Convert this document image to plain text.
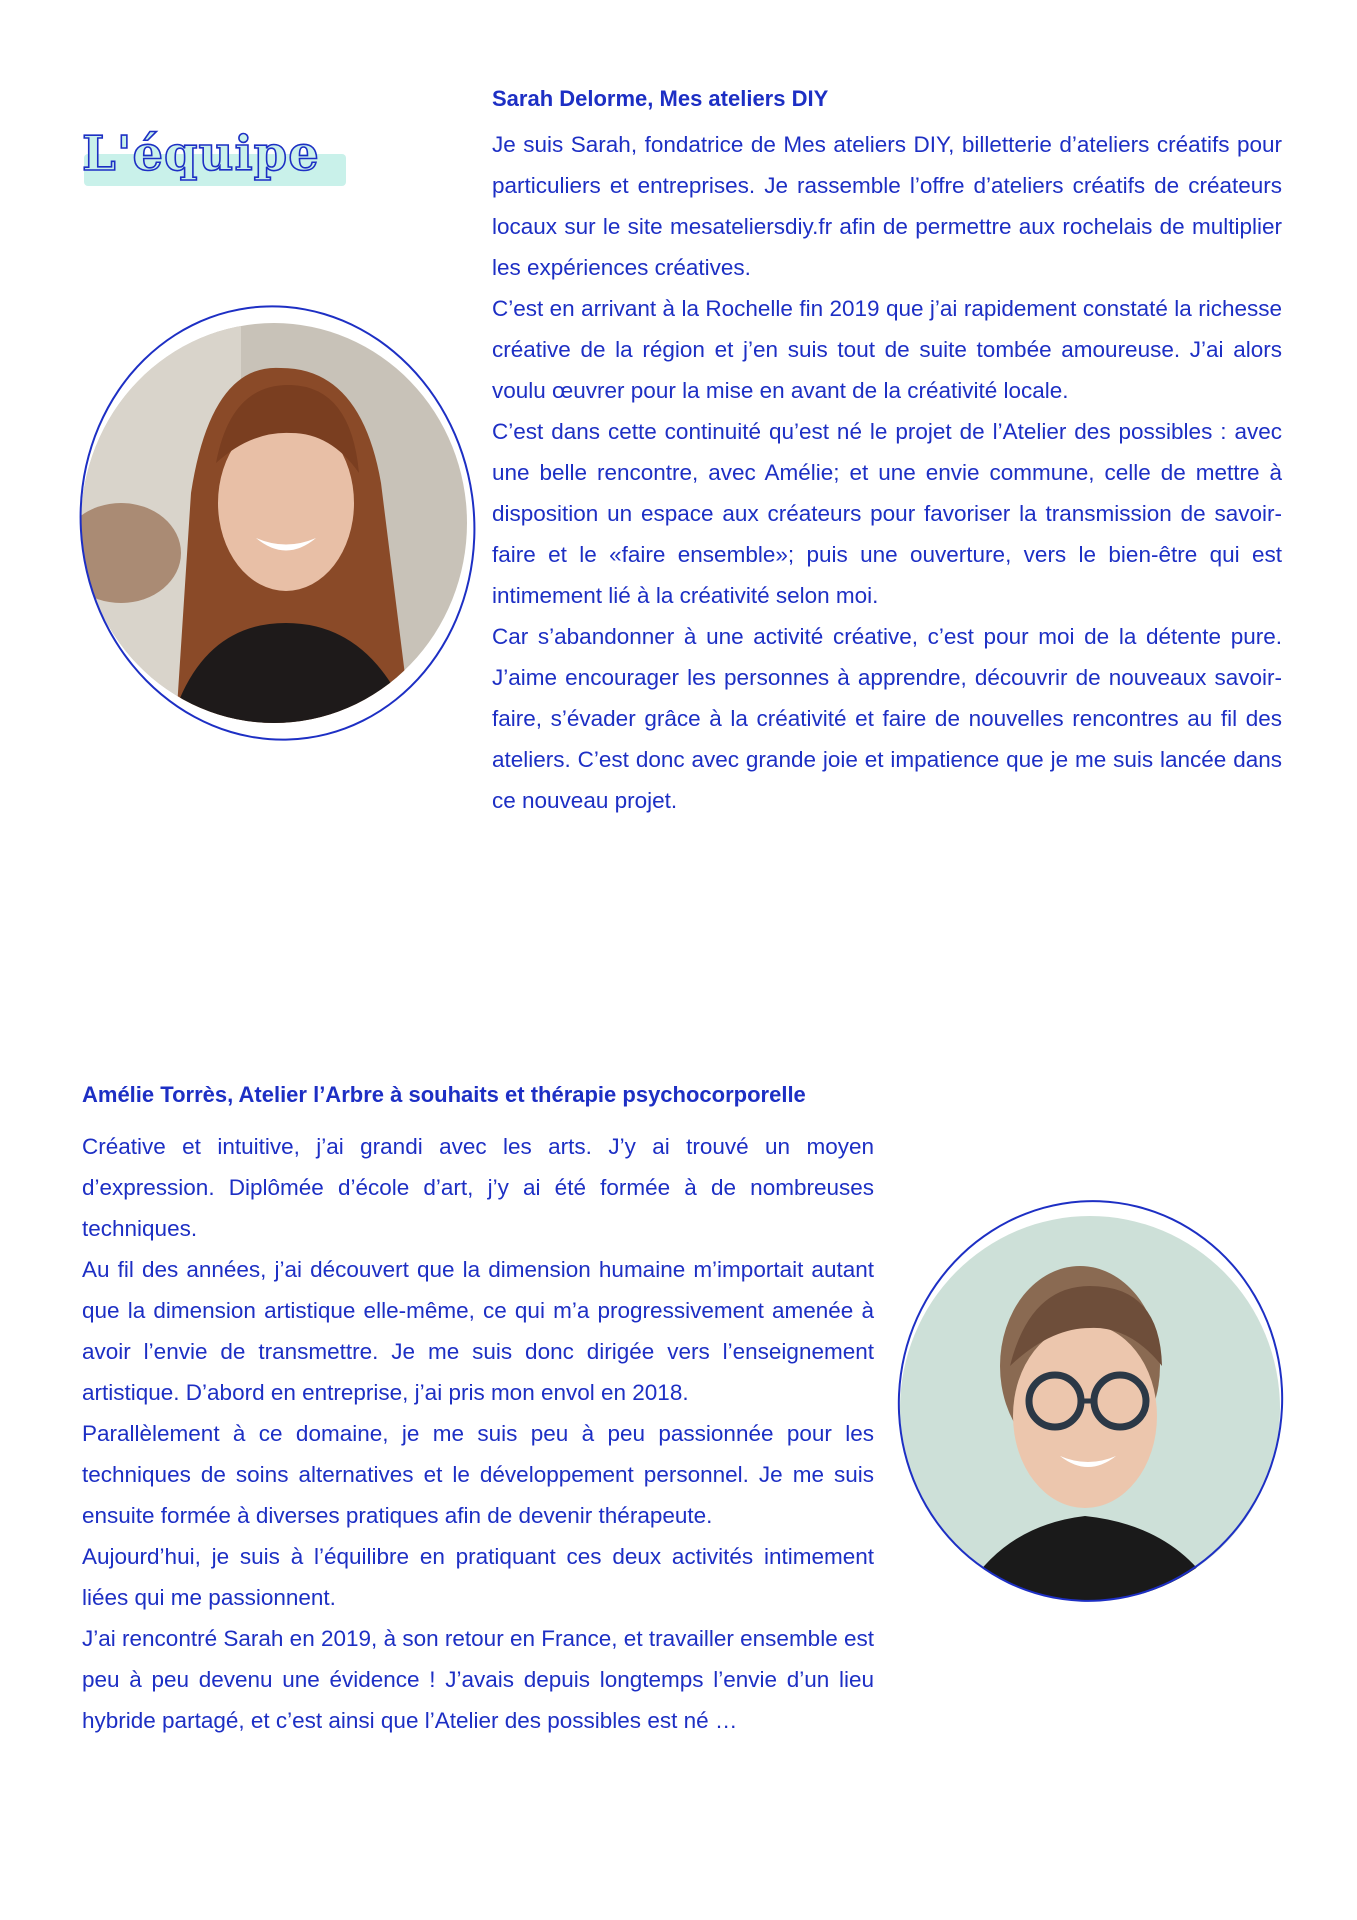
L'équipe
Sarah Delorme, Mes ateliers DIY

Je suis Sarah, fondatrice de Mes ateliers DIY, billetterie d’ateliers créatifs pour particuliers et entreprises. Je rassemble l’offre d’ateliers créatifs de créateurs locaux sur le site mesateliersdiy.fr afin de permettre aux rochelais de multiplier les expériences créatives.

C’est en arrivant à la Rochelle fin 2019 que j’ai rapidement constaté la richesse créative de la région et j’en suis tout de suite tombée amoureuse. J’ai alors voulu œuvrer pour la mise en avant de la créativité locale.

C’est dans cette continuité qu’est né le projet de l’Atelier des possibles : avec une belle rencontre, avec Amélie; et une envie commune, celle de mettre à disposition un espace aux créateurs pour favoriser la transmission de savoir-faire et le «faire ensemble»; puis une ouverture, vers le bien-être qui est intimement lié à la créativité selon moi.

Car s’abandonner à une activité créative, c’est pour moi de la détente pure. J’aime encourager les personnes à apprendre, découvrir de nouveaux savoir-faire, s’évader grâce à la créativité et faire de nouvelles rencontres au fil des ateliers. C’est donc avec grande joie et impatience que je me suis lancée dans ce nouveau projet.

Amélie Torrès, Atelier l’Arbre à souhaits et thérapie psychocorporelle

Créative et intuitive, j’ai grandi avec les arts. J’y ai trouvé un moyen d’expression. Diplômée d’école d’art, j’y ai été formée à de nombreuses techniques.

Au fil des années, j’ai découvert que la dimension humaine m’importait autant que la dimension artistique elle-même, ce qui m’a progressivement amenée à avoir l’envie de transmettre. Je me suis donc dirigée vers l’enseignement artistique. D’abord en entreprise, j’ai pris mon envol en 2018.

Parallèlement à ce domaine, je me suis peu à peu passionnée pour les techniques de soins alternatives et le développement personnel. Je me suis ensuite formée à diverses pratiques afin de devenir thérapeute.

Aujourd’hui, je suis à l’équilibre en pratiquant ces deux activités intimement liées qui me passionnent.

J’ai rencontré Sarah en 2019, à son retour en France, et travailler ensemble est peu à peu devenu une évidence ! J’avais depuis longtemps l’envie d’un lieu hybride partagé, et c’est ainsi que l’Atelier des possibles est né …
